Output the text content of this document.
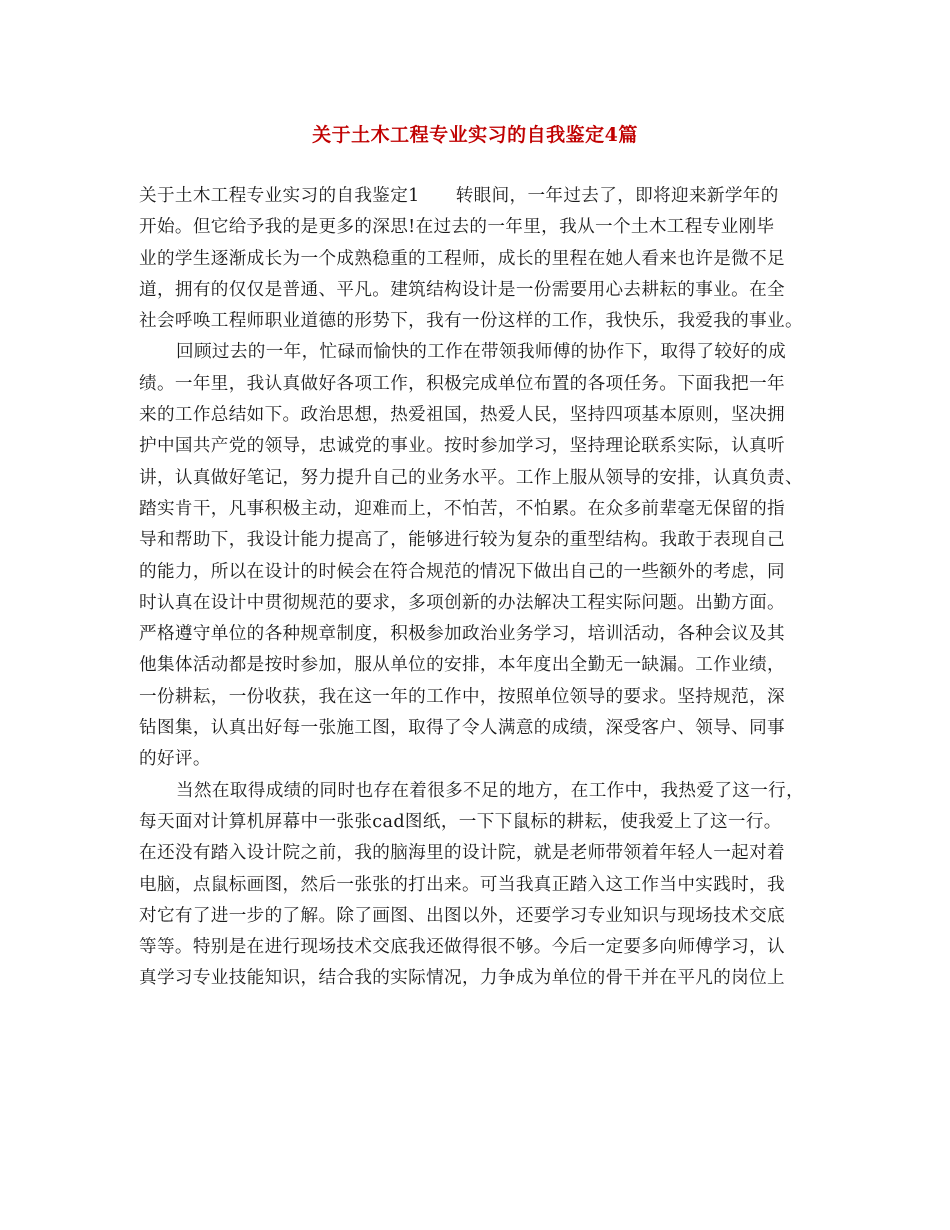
关于土木工程专业实习的自我鉴定4篇
关于土木工程专业实习的自我鉴定1 转眼间，一年过去了，即将迎来新学年的
开始。但它给予我的是更多的深思!在过去的一年里，我从一个土木工程专业刚毕
业的学生逐渐成长为一个成熟稳重的工程师，成长的里程在她人看来也许是微不足
道，拥有的仅仅是普通、平凡。建筑结构设计是一份需要用心去耕耘的事业。在全
社会呼唤工程师职业道德的形势下，我有一份这样的工作，我快乐，我爱我的事业。
回顾过去的一年，忙碌而愉快的工作在带领我师傅的协作下，取得了较好的成
绩。一年里，我认真做好各项工作，积极完成单位布置的各项任务。下面我把一年
来的工作总结如下。政治思想，热爱祖国，热爱人民，坚持四项基本原则，坚决拥
护中国共产党的领导，忠诚党的事业。按时参加学习，坚持理论联系实际，认真听
讲，认真做好笔记，努力提升自己的业务水平。工作上服从领导的安排，认真负责、
踏实肯干，凡事积极主动，迎难而上，不怕苦，不怕累。在众多前辈毫无保留的指
导和帮助下，我设计能力提高了，能够进行较为复杂的重型结构。我敢于表现自己
的能力，所以在设计的时候会在符合规范的情况下做出自己的一些额外的考虑，同
时认真在设计中贯彻规范的要求，多项创新的办法解决工程实际问题。出勤方面。
严格遵守单位的各种规章制度，积极参加政治业务学习，培训活动，各种会议及其
他集体活动都是按时参加，服从单位的安排，本年度出全勤无一缺漏。工作业绩，
一份耕耘，一份收获，我在这一年的工作中，按照单位领导的要求。坚持规范，深
钻图集，认真出好每一张施工图，取得了令人满意的成绩，深受客户、领导、同事
的好评。
当然在取得成绩的同时也存在着很多不足的地方，在工作中，我热爱了这一行，
每天面对计算机屏幕中一张张cad图纸，一下下鼠标的耕耘，使我爱上了这一行。
在还没有踏入设计院之前，我的脑海里的设计院，就是老师带领着年轻人一起对着
电脑，点鼠标画图，然后一张张的打出来。可当我真正踏入这工作当中实践时，我
对它有了进一步的了解。除了画图、出图以外，还要学习专业知识与现场技术交底
等等。特别是在进行现场技术交底我还做得很不够。今后一定要多向师傅学习，认
真学习专业技能知识，结合我的实际情况，力争成为单位的骨干并在平凡的岗位上
